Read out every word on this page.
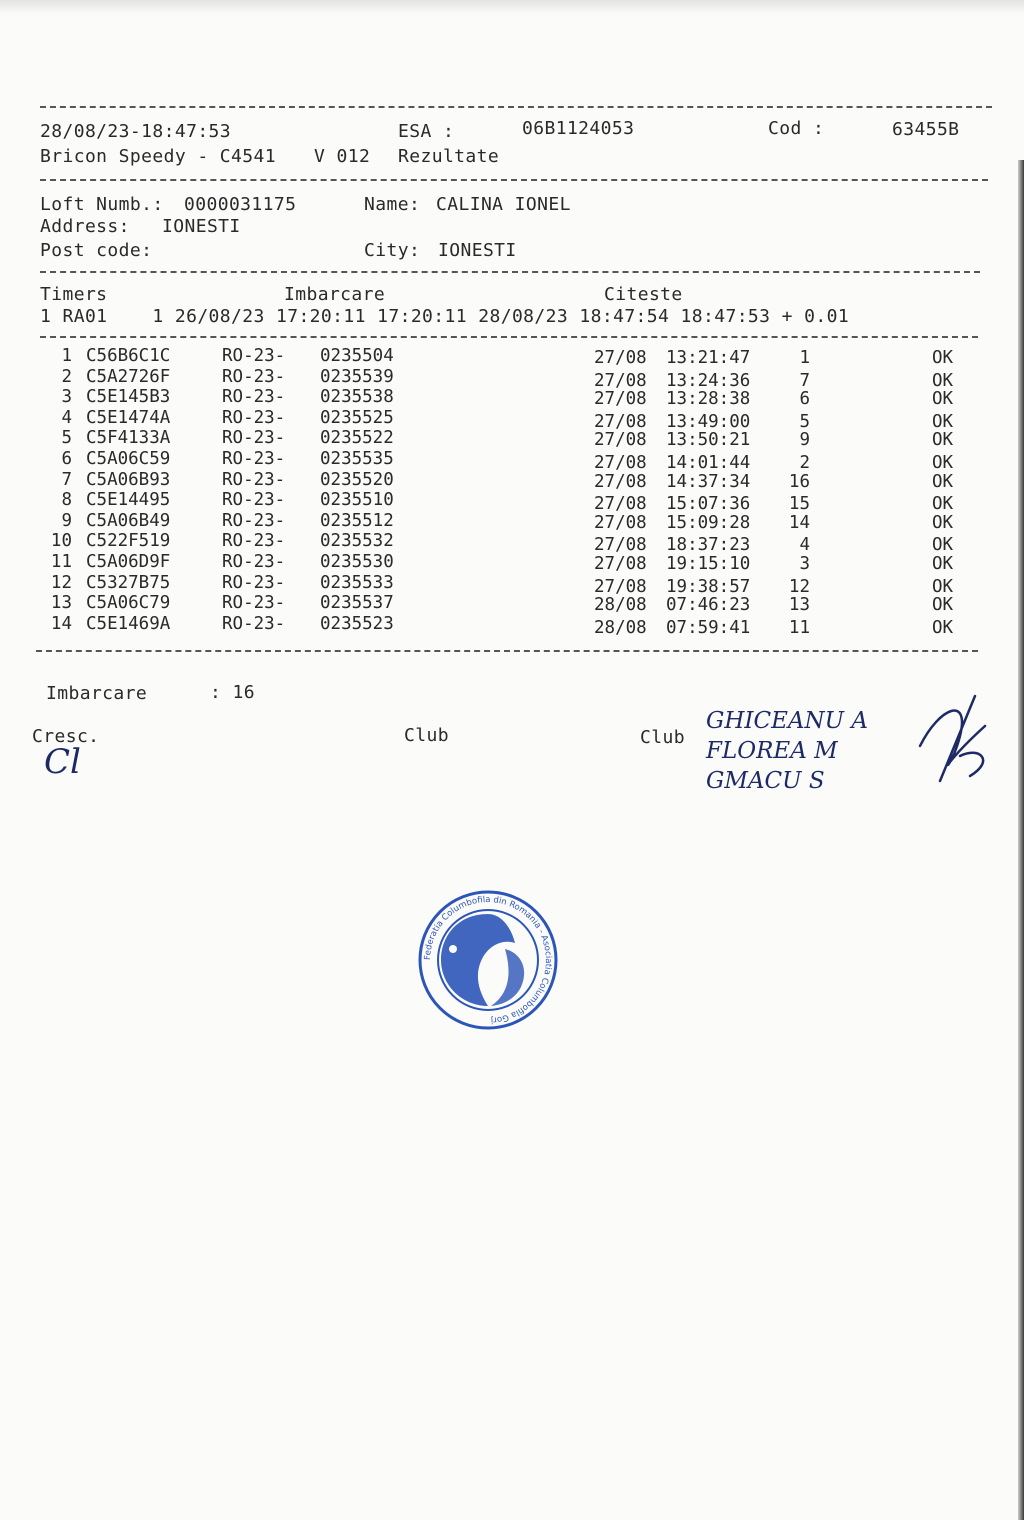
28/08/23-18:47:53	ESA :	06B1124053	Cod :	63455B
Bricon Speedy - C4541 V 012 Rezultate
Loft Numb.: 0000031175	Name: CALINA IONEL
Address: IONESTI
Post code:	City: IONESTI
Timers	Imbarcare	Citeste
1 RA01    1 26/08/23 17:20:11 17:20:11 28/08/23 18:47:54 18:47:53 + 0.01
1 C56B6C1C	RO-23-	0235504	27/08	13:21:47	1	OK
2 C5A2726F	RO-23-	0235539	27/08	13:24:36	7	OK
3 C5E145B3	RO-23-	0235538	27/08	13:28:38	6	OK
4 C5E1474A	RO-23-	0235525	27/08	13:49:00	5	OK
5 C5F4133A	RO-23-	0235522	27/08	13:50:21	9	OK
6 C5A06C59	RO-23-	0235535	27/08	14:01:44	2	OK
7 C5A06B93	RO-23-	0235520	27/08	14:37:34	16	OK
8 C5E14495	RO-23-	0235510	27/08	15:07:36	15	OK
9 C5A06B49	RO-23-	0235512	27/08	15:09:28	14	OK
10 C522F519	RO-23-	0235532	27/08	18:37:23	4	OK
11 C5A06D9F	RO-23-	0235530	27/08	19:15:10	3	OK
12 C5327B75	RO-23-	0235533	27/08	19:38:57	12	OK
13 C5A06C79	RO-23-	0235537	28/08	07:46:23	13	OK
14 C5E1469A	RO-23-	0235523	28/08	07:59:41	11	OK
Imbarcare	: 16
Cresc.	Club	Club
Cl
GHICEANU A
FLOREA M
GMACU S
Federatia Columbofila din Romania - Asociatia Columbofila Gorj
